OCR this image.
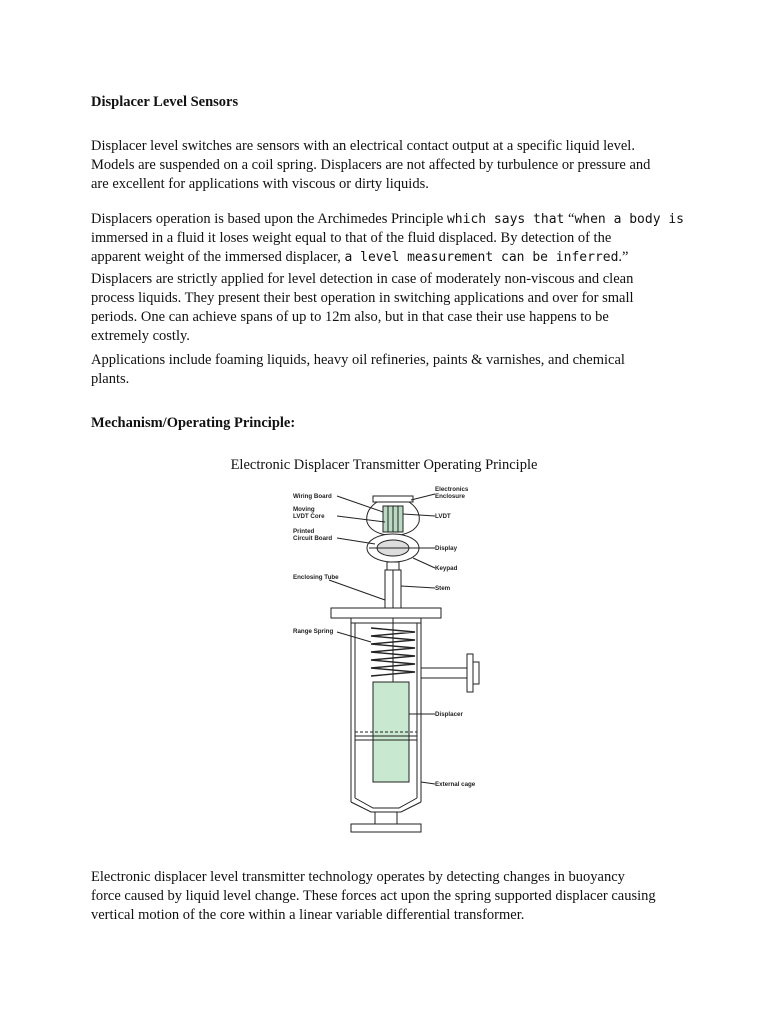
Displacer Level Sensors
Displacer level switches are sensors with an electrical contact output at a specific liquid level.
Models are suspended on a coil spring. Displacers are not affected by turbulence or pressure and
are excellent for applications with viscous or dirty liquids.
Displacers operation is based upon the Archimedes Principle which says that “when a body is
immersed in a fluid it loses weight equal to that of the fluid displaced. By detection of the
apparent weight of the immersed displacer, a level measurement can be inferred.”
Displacers are strictly applied for level detection in case of moderately non-viscous and clean
process liquids. They present their best operation in switching applications and over for small
periods. One can achieve spans of up to 12m also, but in that case their use happens to be
extremely costly.
Applications include foaming liquids, heavy oil refineries, paints & varnishes, and chemical
plants.
Mechanism/Operating Principle:
Electronic Displacer Transmitter Operating Principle
Wiring Board
Moving
LVDT Core
Printed
Circuit Board
Enclosing Tube
Range Spring
Electronics
Enclosure
LVDT
Display
Keypad
Stem
Displacer
External cage
Electronic displacer level transmitter technology operates by detecting changes in buoyancy
force caused by liquid level change. These forces act upon the spring supported displacer causing
vertical motion of the core within a linear variable differential transformer.
